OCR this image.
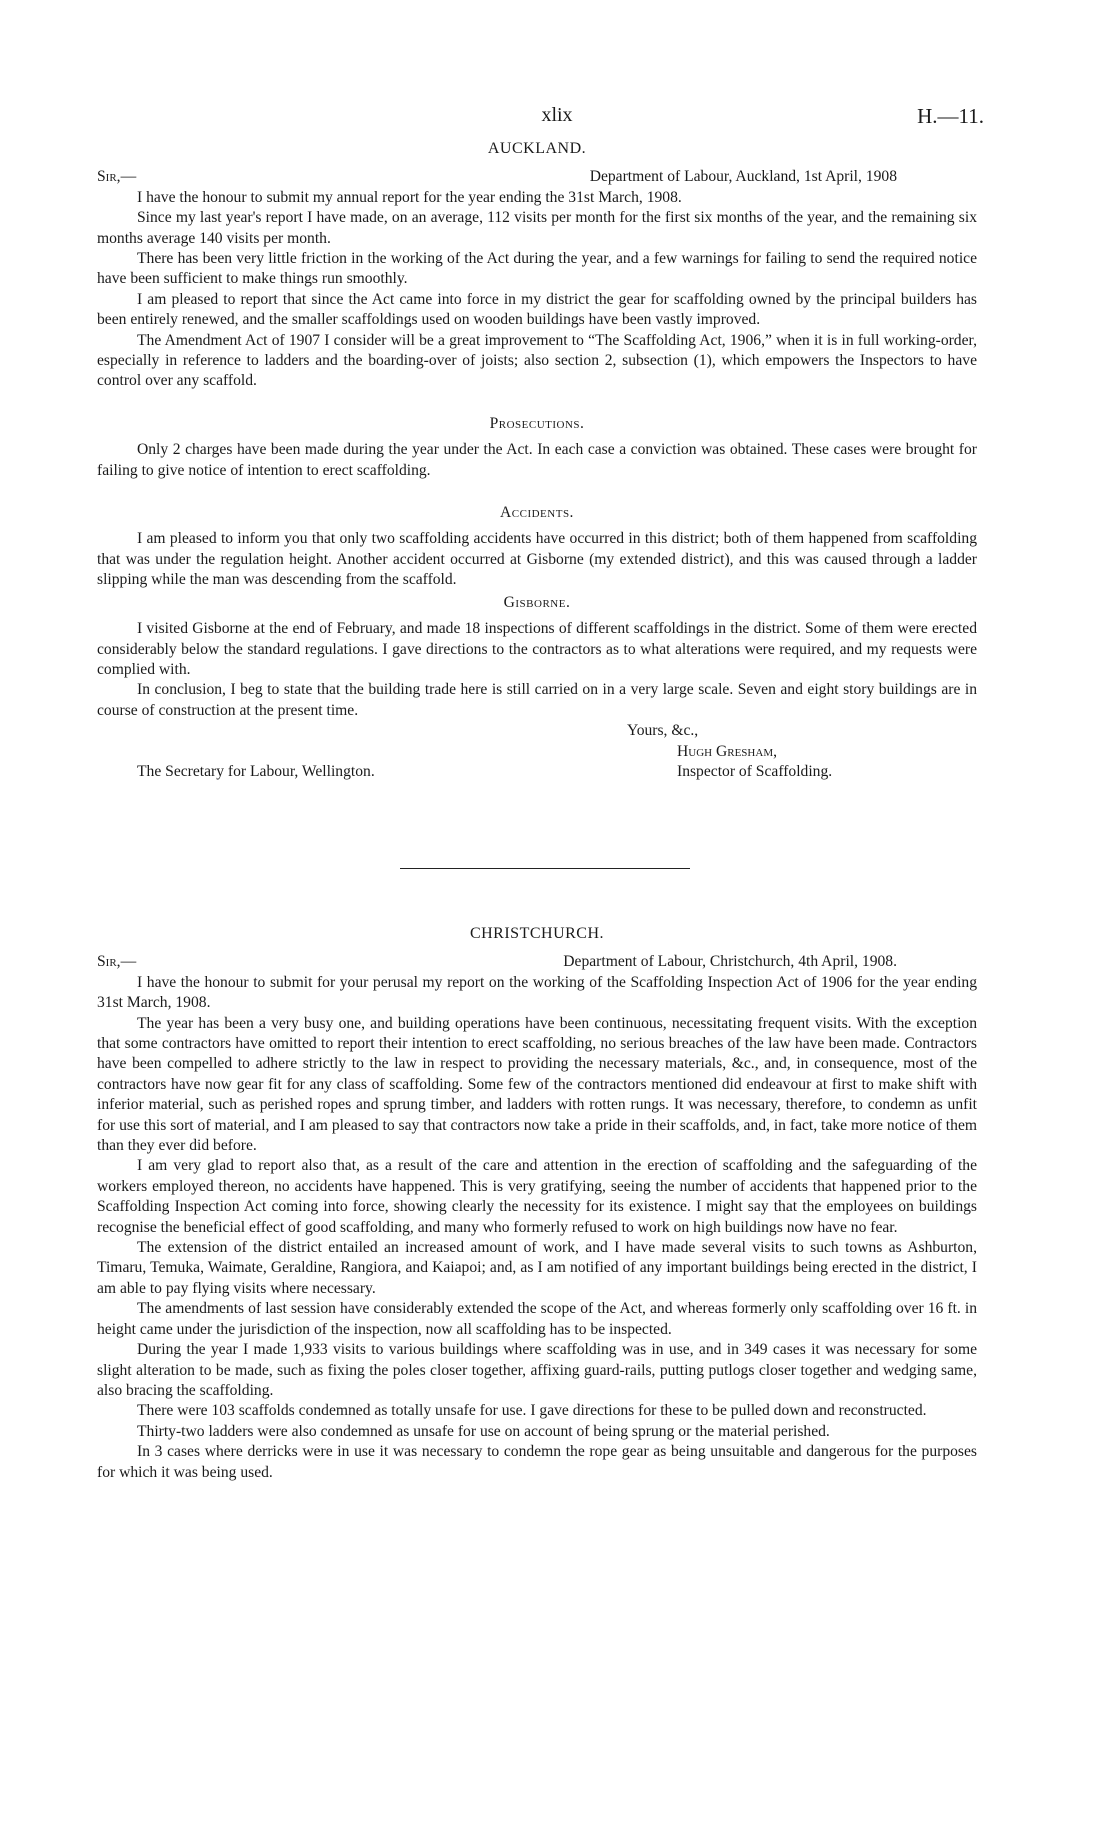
xlix	H.—11.
AUCKLAND.
Sir,—	Department of Labour, Auckland, 1st April, 1908

I have the honour to submit my annual report for the year ending the 31st March, 1908.

Since my last year's report I have made, on an average, 112 visits per month for the first six months of the year, and the remaining six months average 140 visits per month.

There has been very little friction in the working of the Act during the year, and a few warnings for failing to send the required notice have been sufficient to make things run smoothly.

I am pleased to report that since the Act came into force in my district the gear for scaffolding owned by the principal builders has been entirely renewed, and the smaller scaffoldings used on wooden buildings have been vastly improved.

The Amendment Act of 1907 I consider will be a great improvement to “The Scaffolding Act, 1906,” when it is in full working-order, especially in reference to ladders and the boarding-over of joists; also section 2, subsection (1), which empowers the Inspectors to have control over any scaffold.

Prosecutions.

Only 2 charges have been made during the year under the Act. In each case a conviction was obtained. These cases were brought for failing to give notice of intention to erect scaffolding.

Accidents.

I am pleased to inform you that only two scaffolding accidents have occurred in this district; both of them happened from scaffolding that was under the regulation height. Another accident occurred at Gisborne (my extended district), and this was caused through a ladder slipping while the man was descending from the scaffold.

Gisborne.

I visited Gisborne at the end of February, and made 18 inspections of different scaffoldings in the district. Some of them were erected considerably below the standard regulations. I gave directions to the contractors as to what alterations were required, and my requests were complied with.

In conclusion, I beg to state that the building trade here is still carried on in a very large scale. Seven and eight story buildings are in course of construction at the present time.

Yours, &c.,
Hugh Gresham,
The Secretary for Labour, Wellington.	Inspector of Scaffolding.
CHRISTCHURCH.
Sir,—	Department of Labour, Christchurch, 4th April, 1908.

I have the honour to submit for your perusal my report on the working of the Scaffolding Inspection Act of 1906 for the year ending 31st March, 1908.

The year has been a very busy one, and building operations have been continuous, necessitating frequent visits. With the exception that some contractors have omitted to report their intention to erect scaffolding, no serious breaches of the law have been made. Contractors have been compelled to adhere strictly to the law in respect to providing the necessary materials, &c., and, in consequence, most of the contractors have now gear fit for any class of scaffolding. Some few of the contractors mentioned did endeavour at first to make shift with inferior material, such as perished ropes and sprung timber, and ladders with rotten rungs. It was necessary, therefore, to condemn as unfit for use this sort of material, and I am pleased to say that contractors now take a pride in their scaffolds, and, in fact, take more notice of them than they ever did before.

I am very glad to report also that, as a result of the care and attention in the erection of scaffolding and the safeguarding of the workers employed thereon, no accidents have happened. This is very gratifying, seeing the number of accidents that happened prior to the Scaffolding Inspection Act coming into force, showing clearly the necessity for its existence. I might say that the employees on buildings recognise the beneficial effect of good scaffolding, and many who formerly refused to work on high buildings now have no fear.

The extension of the district entailed an increased amount of work, and I have made several visits to such towns as Ashburton, Timaru, Temuka, Waimate, Geraldine, Rangiora, and Kaiapoi; and, as I am notified of any important buildings being erected in the district, I am able to pay flying visits where necessary.

The amendments of last session have considerably extended the scope of the Act, and whereas formerly only scaffolding over 16 ft. in height came under the jurisdiction of the inspection, now all scaffolding has to be inspected.

During the year I made 1,933 visits to various buildings where scaffolding was in use, and in 349 cases it was necessary for some slight alteration to be made, such as fixing the poles closer together, affixing guard-rails, putting putlogs closer together and wedging same, also bracing the scaffolding.

There were 103 scaffolds condemned as totally unsafe for use. I gave directions for these to be pulled down and reconstructed.

Thirty-two ladders were also condemned as unsafe for use on account of being sprung or the material perished.

In 3 cases where derricks were in use it was necessary to condemn the rope gear as being unsuitable and dangerous for the purposes for which it was being used.
